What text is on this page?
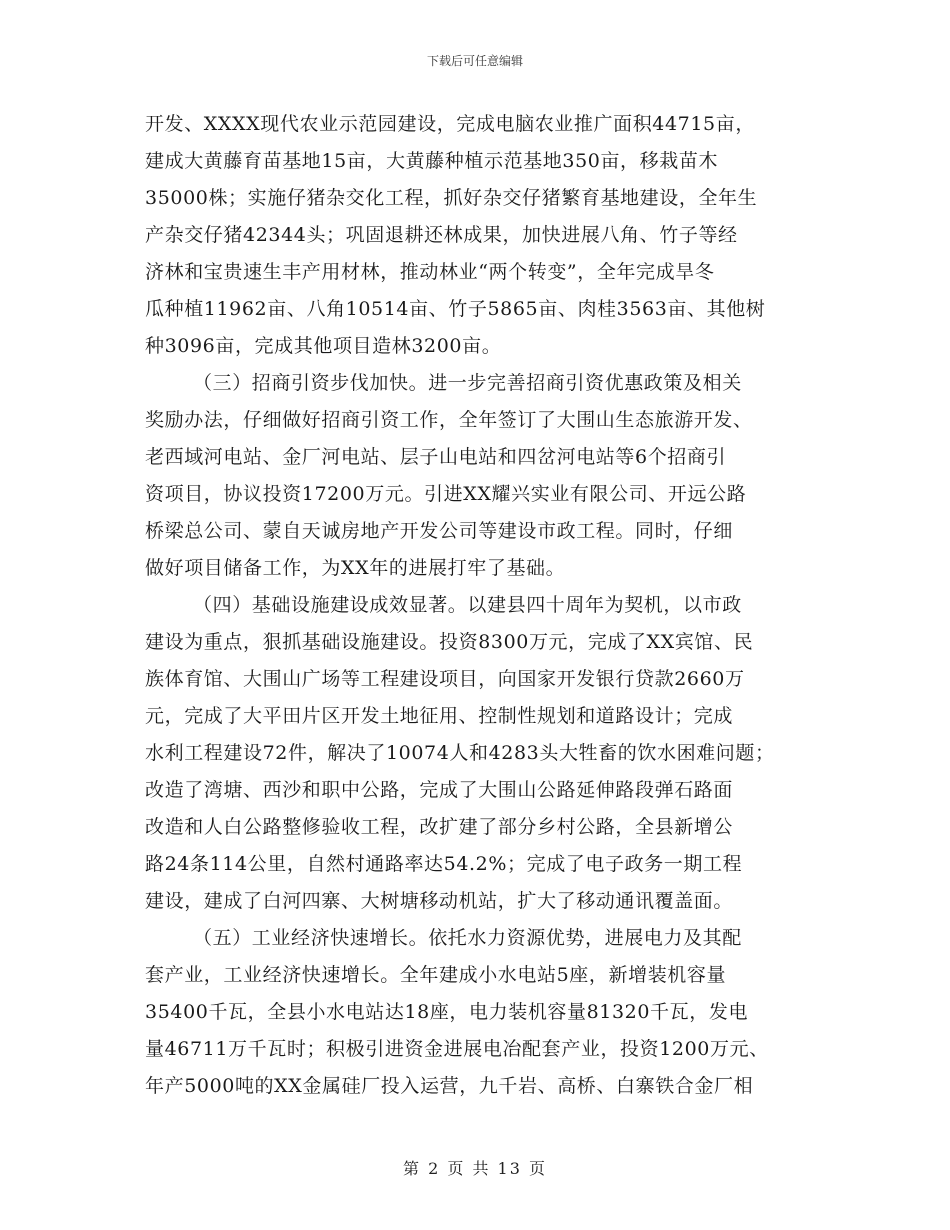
下载后可任意编辑
开发、XXXX现代农业示范园建设，完成电脑农业推广面积44715亩，
建成大黄藤育苗基地15亩，大黄藤种植示范基地350亩，移栽苗木
35000株；实施仔猪杂交化工程，抓好杂交仔猪繁育基地建设，全年生
产杂交仔猪42344头；巩固退耕还林成果，加快进展八角、竹子等经
济林和宝贵速生丰产用材林，推动林业“两个转变”，全年完成旱冬
瓜种植11962亩、八角10514亩、竹子5865亩、肉桂3563亩、其他树
种3096亩，完成其他项目造林3200亩。
（三）招商引资步伐加快。进一步完善招商引资优惠政策及相关
奖励办法，仔细做好招商引资工作，全年签订了大围山生态旅游开发、
老西域河电站、金厂河电站、层子山电站和四岔河电站等6个招商引
资项目，协议投资17200万元。引进XX耀兴实业有限公司、开远公路
桥梁总公司、蒙自天诚房地产开发公司等建设市政工程。同时，仔细
做好项目储备工作，为XX年的进展打牢了基础。
（四）基础设施建设成效显著。以建县四十周年为契机，以市政
建设为重点，狠抓基础设施建设。投资8300万元，完成了XX宾馆、民
族体育馆、大围山广场等工程建设项目，向国家开发银行贷款2660万
元，完成了大平田片区开发土地征用、控制性规划和道路设计；完成
水利工程建设72件，解决了10074人和4283头大牲畜的饮水困难问题；
改造了湾塘、西沙和职中公路，完成了大围山公路延伸路段弹石路面
改造和人白公路整修验收工程，改扩建了部分乡村公路，全县新增公
路24条114公里，自然村通路率达54.2%；完成了电子政务一期工程
建设，建成了白河四寨、大树塘移动机站，扩大了移动通讯覆盖面。
（五）工业经济快速增长。依托水力资源优势，进展电力及其配
套产业，工业经济快速增长。全年建成小水电站5座，新增装机容量
35400千瓦，全县小水电站达18座，电力装机容量81320千瓦，发电
量46711万千瓦时；积极引进资金进展电冶配套产业，投资1200万元、
年产5000吨的XX金属硅厂投入运营，九千岩、高桥、白寨铁合金厂相
第 2 页 共 13 页
